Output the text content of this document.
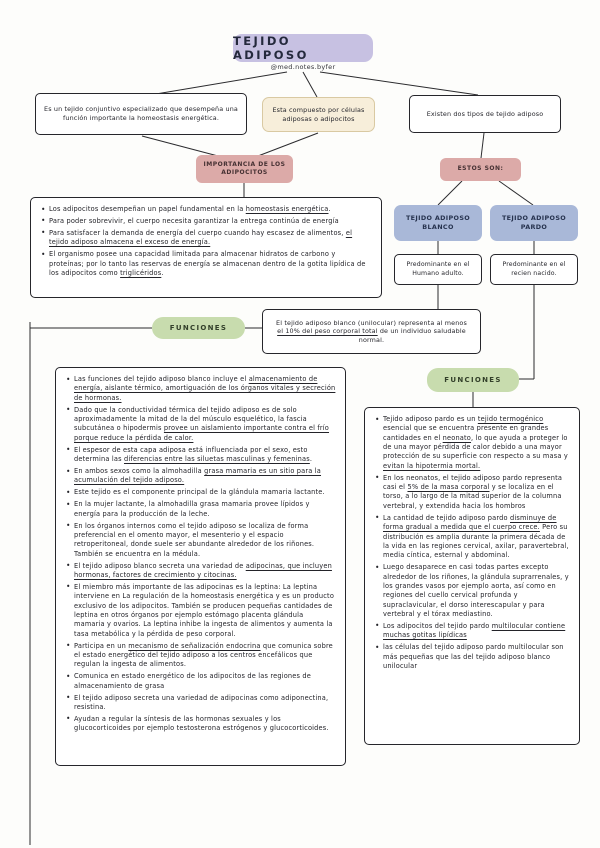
TEJIDO ADIPOSO
@med.notes.byfer
Es un tejido conjuntivo especializado que desempeña una función importante la homeostasis energética.
Esta compuesto por células adiposas o adipocitos
Existen dos tipos de tejido adiposo
IMPORTANCIA DE LOS ADIPOCITOS
ESTOS SON:
• Los adipocitos desempeñan un papel fundamental en la homeostasis energética.
• Para poder sobrevivir, el cuerpo necesita garantizar la entrega continúa de energía
• Para satisfacer la demanda de energía del cuerpo cuando hay escasez de alimentos, el tejido adiposo almacena el exceso de energía.
• El organismo posee una capacidad limitada para almacenar hidratos de carbono y proteínas; por lo tanto las reservas de energía se almacenan dentro de la gotita lipídica de los adipocitos como triglicéridos.
TEJIDO ADIPOSO BLANCO
TEJIDO ADIPOSO PARDO
Predominante en el Humano adulto.
Predominante en el recien nacido.
FUNCIONES
El tejido adiposo blanco (unilocular) representa al menos el 10% del peso corporal total de un individuo saludable normal.
• Las funciones del tejido adiposo blanco incluye el almacenamiento de energía, aislante térmico, amortiguación de los órganos vitales y secreción de hormonas.
• Dado que la conductividad térmica del tejido adiposo es de solo aproximadamente la mitad de la del músculo esquelético, la fascia subcutánea o hipodermis provee un aislamiento importante contra el frío porque reduce la pérdida de calor.
• El espesor de esta capa adiposa está influenciada por el sexo, esto determina las diferencias entre las siluetas masculinas y femeninas.
• En ambos sexos como la almohadilla grasa mamaria es un sitio para la acumulación del tejido adiposo.
• Este tejido es el componente principal de la glándula mamaria lactante.
• En la mujer lactante, la almohadilla grasa mamaria provee lípidos y energía para la producción de la leche.
• En los órganos internos como el tejido adiposo se localiza de forma preferencial en el omento mayor, el mesenterio y el espacio retroperitoneal, donde suele ser abundante alrededor de los riñones. También se encuentra en la médula.
• El tejido adiposo blanco secreta una variedad de adipocinas, que incluyen hormonas, factores de crecimiento y citocinas.
• El miembro más importante de las adipocinas es la leptina: La leptina interviene en La regulación de la homeostasis energética y es un producto exclusivo de los adipocitos. También se producen pequeñas cantidades de leptina en otros órganos por ejemplo estómago placenta glándula mamaria y ovarios. La leptina inhibe la ingesta de alimentos y aumenta la tasa metabólica y la pérdida de peso corporal.
• Participa en un mecanismo de señalización endocrina que comunica sobre el estado energético del tejido adiposo a los centros encefálicos que regulan la ingesta de alimentos.
• Comunica en estado energético de los adipocitos de las regiones de almacenamiento de grasa
• El tejido adiposo secreta una variedad de adipocinas como adiponectina, resistina.
• Ayudan a regular la síntesis de las hormonas sexuales y los glucocorticoides por ejemplo testosterona estrógenos y glucocorticoides.
FUNCIONES
• Tejido adiposo pardo es un tejido termogénico esencial que se encuentra presente en grandes cantidades en el neonato, lo que ayuda a proteger lo de una mayor pérdida de calor debido a una mayor protección de su superficie con respecto a su masa y evitan la hipotermia mortal.
• En los neonatos, el tejido adiposo pardo representa casi el 5% de la masa corporal y se localiza en el torso, a lo largo de la mitad superior de la columna vertebral, y extendida hacia los hombros
• La cantidad de tejido adiposo pardo disminuye de forma gradual a medida que el cuerpo crece. Pero su distribución es amplia durante la primera década de la vida en las regiones cervical, axilar, paravertebral, media cíntica, esternal y abdominal.
• Luego desaparece en casi todas partes excepto alrededor de los riñones, la glándula suprarrenales, y los grandes vasos por ejemplo aorta, así como en regiones del cuello cervical profunda y supraclavicular, el dorso interescapular y para vertebral y el tórax mediastino.
• Los adipocitos del tejido pardo multilocular contiene muchas gotitas lipídicas
• las células del tejido adiposo pardo multilocular son más pequeñas que las del tejido adiposo blanco unilocular
